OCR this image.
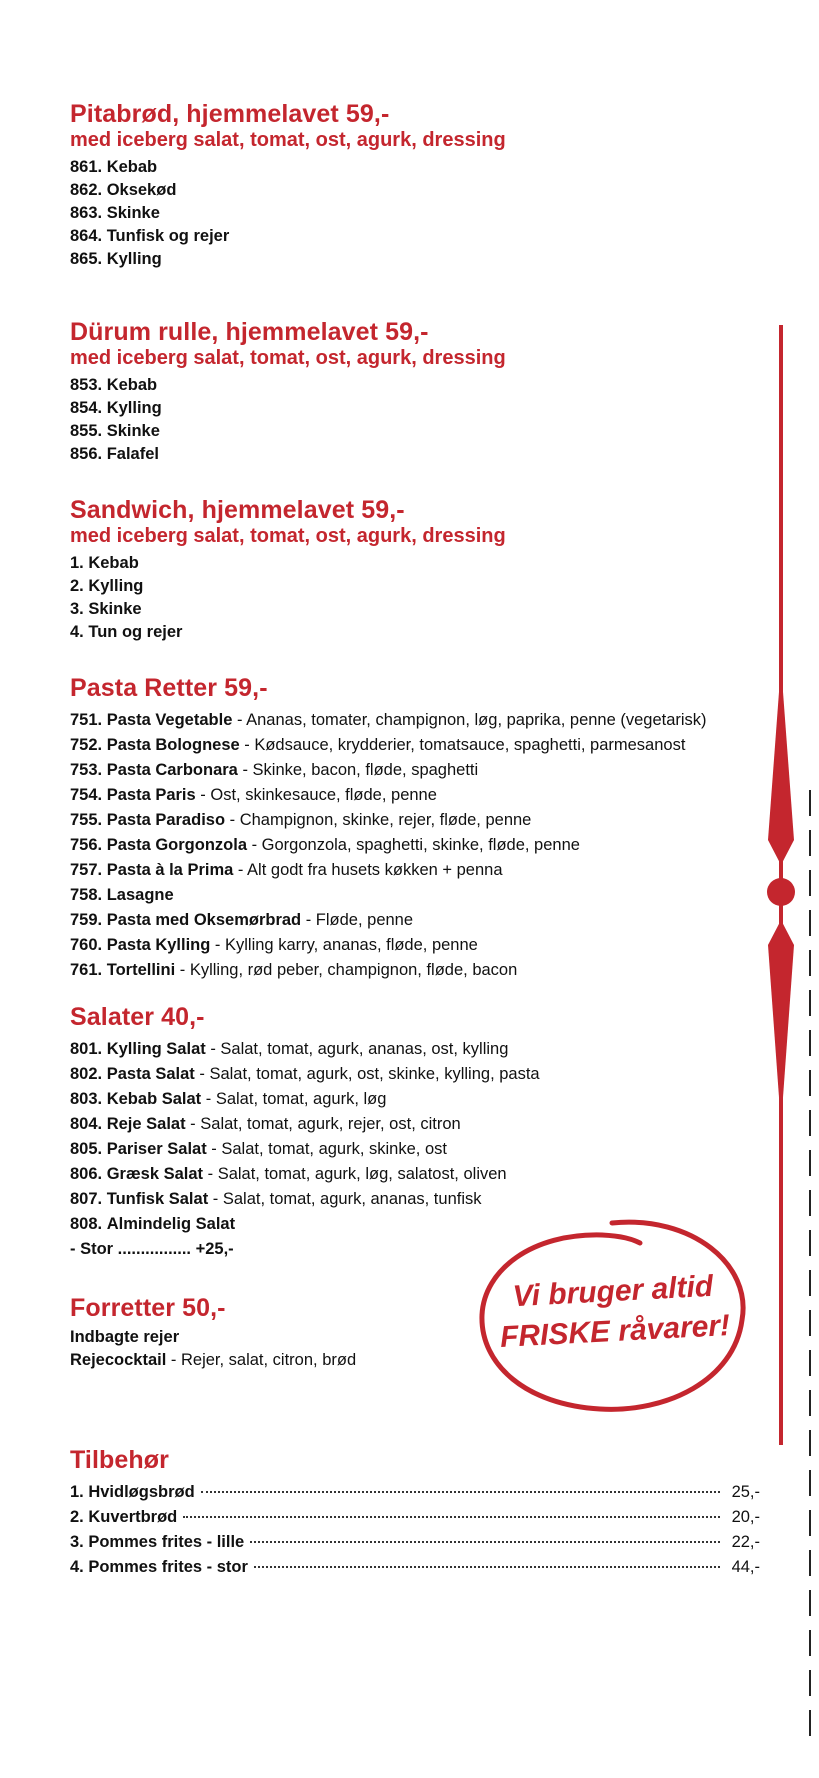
Pitabrød, hjemmelavet 59,-
med iceberg salat, tomat, ost, agurk, dressing
861. Kebab
862. Oksekød
863. Skinke
864. Tunfisk og rejer
865. Kylling
Dürum rulle, hjemmelavet 59,-
med iceberg salat, tomat, ost, agurk, dressing
853. Kebab
854. Kylling
855. Skinke
856. Falafel
Sandwich, hjemmelavet 59,-
med iceberg salat, tomat, ost, agurk, dressing
1. Kebab
2. Kylling
3. Skinke
4. Tun og rejer
Pasta Retter 59,-
751. Pasta Vegetable - Ananas, tomater, champignon, løg, paprika, penne (vegetarisk)
752. Pasta Bolognese - Kødsauce, krydderier, tomatsauce, spaghetti, parmesanost
753. Pasta Carbonara - Skinke, bacon, fløde, spaghetti
754. Pasta Paris - Ost, skinkesauce, fløde, penne
755. Pasta Paradiso - Champignon, skinke, rejer, fløde, penne
756. Pasta Gorgonzola - Gorgonzola, spaghetti, skinke, fløde, penne
757. Pasta à la Prima - Alt godt fra husets køkken + penna
758. Lasagne
759. Pasta med Oksemørbrad - Fløde, penne
760. Pasta Kylling - Kylling karry, ananas, fløde, penne
761. Tortellini - Kylling, rød peber, champignon, fløde, bacon
Salater 40,-
801. Kylling Salat - Salat, tomat, agurk, ananas, ost, kylling
802. Pasta Salat - Salat, tomat, agurk, ost, skinke, kylling, pasta
803. Kebab Salat - Salat, tomat, agurk, løg
804. Reje Salat - Salat, tomat, agurk, rejer, ost, citron
805. Pariser Salat - Salat, tomat, agurk, skinke, ost
806. Græsk Salat - Salat, tomat, agurk, løg, salatost, oliven
807. Tunfisk Salat - Salat, tomat, agurk, ananas, tunfisk
808. Almindelig Salat
- Stor ................ +25,-
Forretter 50,-
Indbagte rejer
Rejecocktail - Rejer, salat, citron, brød
Tilbehør
1. Hvidløgsbrød	25,-
2. Kuvertbrød	20,-
3. Pommes frites - lille	22,-
4. Pommes frites - stor	44,-
Vi bruger altid
FRISKE råvarer!
